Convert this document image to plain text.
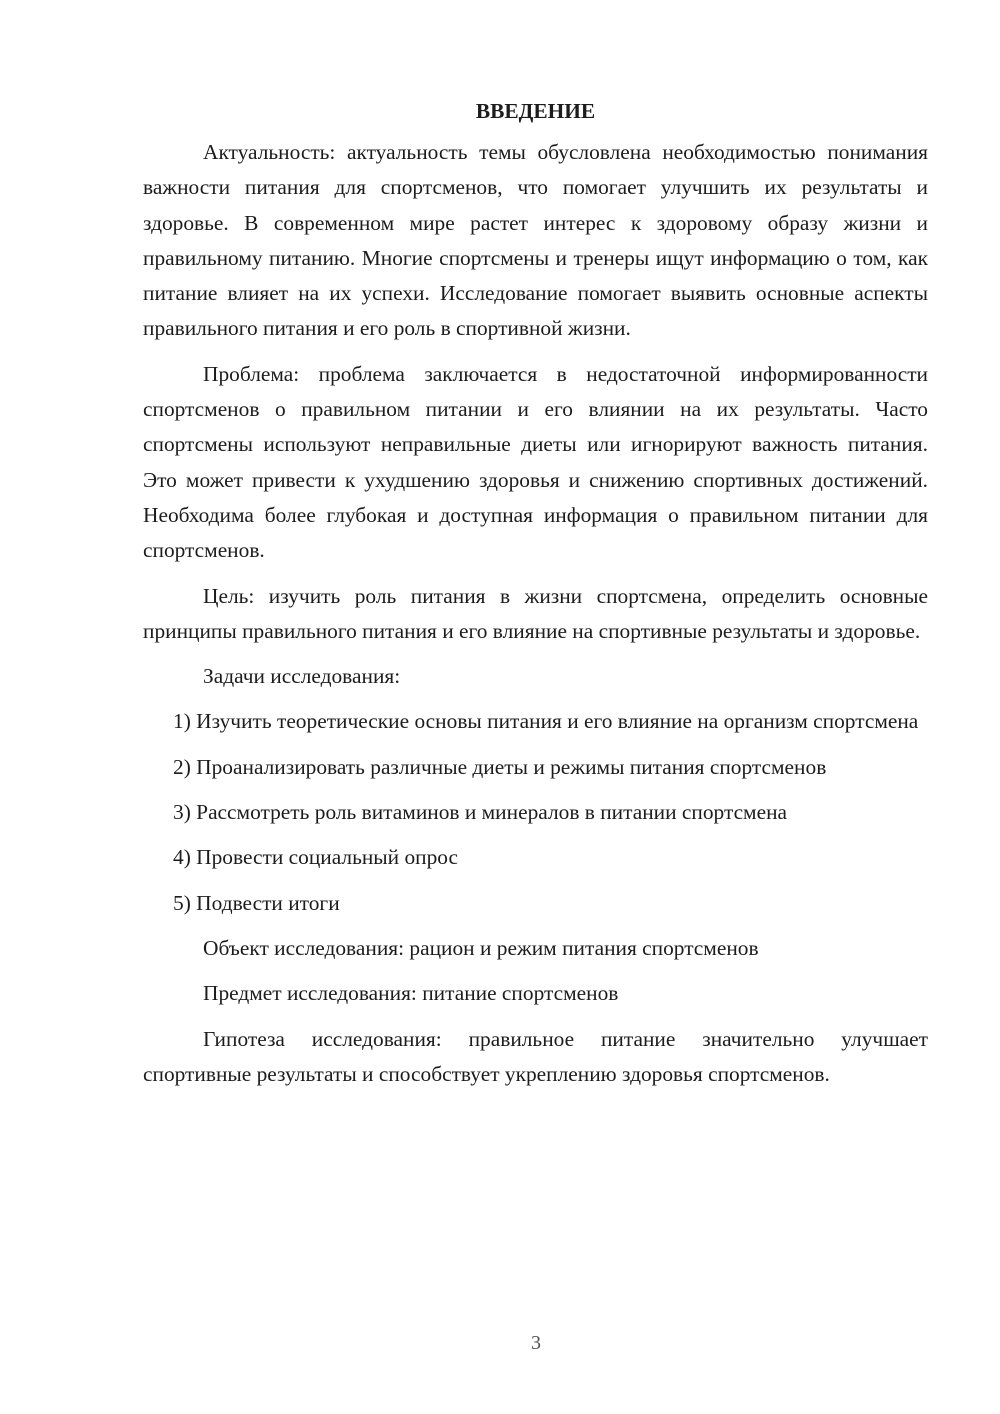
ВВЕДЕНИЕ

Актуальность: актуальность темы обусловлена необходимостью понимания важности питания для спортсменов, что помогает улучшить их результаты и здоровье. В современном мире растет интерес к здоровому образу жизни и правильному питанию. Многие спортсмены и тренеры ищут информацию о том, как питание влияет на их успехи. Исследование помогает выявить основные аспекты правильного питания и его роль в спортивной жизни.

Проблема: проблема заключается в недостаточной информированности спортсменов о правильном питании и его влиянии на их результаты. Часто спортсмены используют неправильные диеты или игнорируют важность питания. Это может привести к ухудшению здоровья и снижению спортивных достижений. Необходима более глубокая и доступная информация о правильном питании для спортсменов.

Цель: изучить роль питания в жизни спортсмена, определить основные принципы правильного питания и его влияние на спортивные результаты и здоровье.

Задачи исследования:

1) Изучить теоретические основы питания и его влияние на организм спортсмена

2) Проанализировать различные диеты и режимы питания спортсменов

3) Рассмотреть роль витаминов и минералов в питании спортсмена

4) Провести социальный опрос

5) Подвести итоги

Объект исследования: рацион и режим питания спортсменов

Предмет исследования: питание спортсменов

Гипотеза исследования: правильное питание значительно улучшает спортивные результаты и способствует укреплению здоровья спортсменов.

3
